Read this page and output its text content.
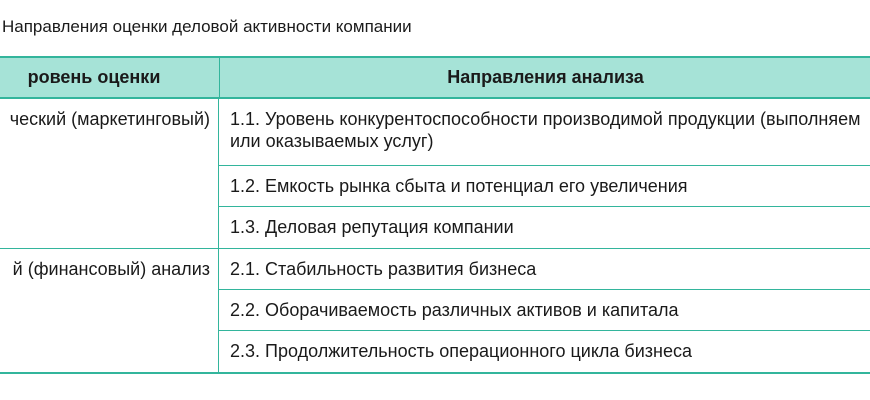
Направления оценки деловой активности компании
ровень оценки	Направления анализа
ческий (маркетинговый)	1.1. Уровень конкурентоспособности производимой продукции (выполняем
или оказываемых услуг)
1.2. Емкость рынка сбыта и потенциал его увеличения
1.3. Деловая репутация компании
й (финансовый) анализ	2.1. Стабильность развития бизнеса
2.2. Оборачиваемость различных активов и капитала
2.3. Продолжительность операционного цикла бизнеса
